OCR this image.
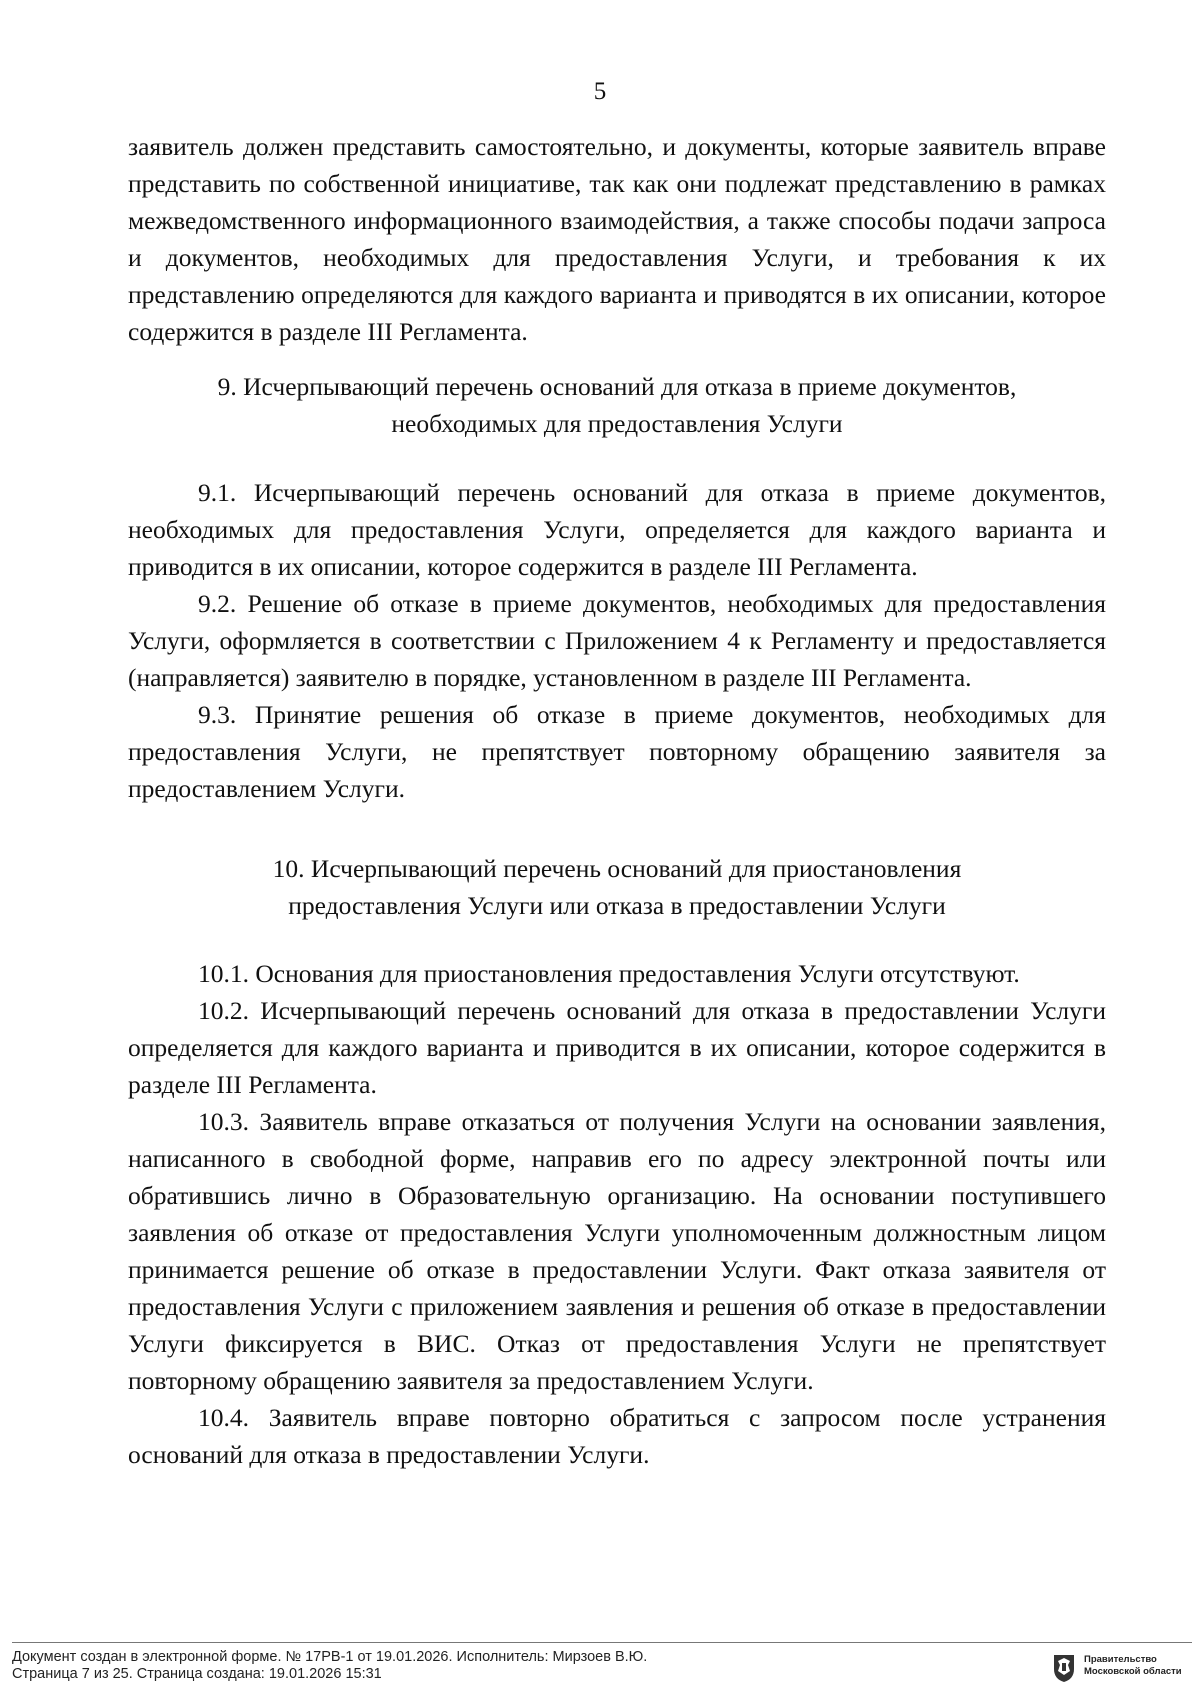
5

заявитель должен представить самостоятельно, и документы, которые заявитель вправе представить по собственной инициативе, так как они подлежат представлению в рамках межведомственного информационного взаимодействия, а также способы подачи запроса и документов, необходимых для предоставления Услуги, и требования к их представлению определяются для каждого варианта и приводятся в их описании, которое содержится в разделе III Регламента.

9. Исчерпывающий перечень оснований для отказа в приеме документов,

необходимых для предоставления Услуги

9.1. Исчерпывающий перечень оснований для отказа в приеме документов, необходимых для предоставления Услуги, определяется для каждого варианта и приводится в их описании, которое содержится в разделе III Регламента.

9.2. Решение об отказе в приеме документов, необходимых для предоставления Услуги, оформляется в соответствии с Приложением 4 к Регламенту и предоставляется (направляется) заявителю в порядке, установленном в разделе III Регламента.

9.3. Принятие решения об отказе в приеме документов, необходимых для предоставления Услуги, не препятствует повторному обращению заявителя за предоставлением Услуги.

10. Исчерпывающий перечень оснований для приостановления

предоставления Услуги или отказа в предоставлении Услуги

10.1. Основания для приостановления предоставления Услуги отсутствуют.

10.2. Исчерпывающий перечень оснований для отказа в предоставлении Услуги определяется для каждого варианта и приводится в их описании, которое содержится в разделе III Регламента.

10.3. Заявитель вправе отказаться от получения Услуги на основании заявления, написанного в свободной форме, направив его по адресу электронной почты или обратившись лично в Образовательную организацию. На основании поступившего заявления об отказе от предоставления Услуги уполномоченным должностным лицом принимается решение об отказе в предоставлении Услуги. Факт отказа заявителя от предоставления Услуги с приложением заявления и решения об отказе в предоставлении Услуги фиксируется в ВИС. Отказ от предоставления Услуги не препятствует повторному обращению заявителя за предоставлением Услуги.

10.4. Заявитель вправе повторно обратиться с запросом после устранения оснований для отказа в предоставлении Услуги.

Документ создан в электронной форме. № 17РВ-1 от 19.01.2026. Исполнитель: Мирзоев В.Ю.
Страница 7 из 25. Страница создана: 19.01.2026 15:31
Правительство
Московской области
